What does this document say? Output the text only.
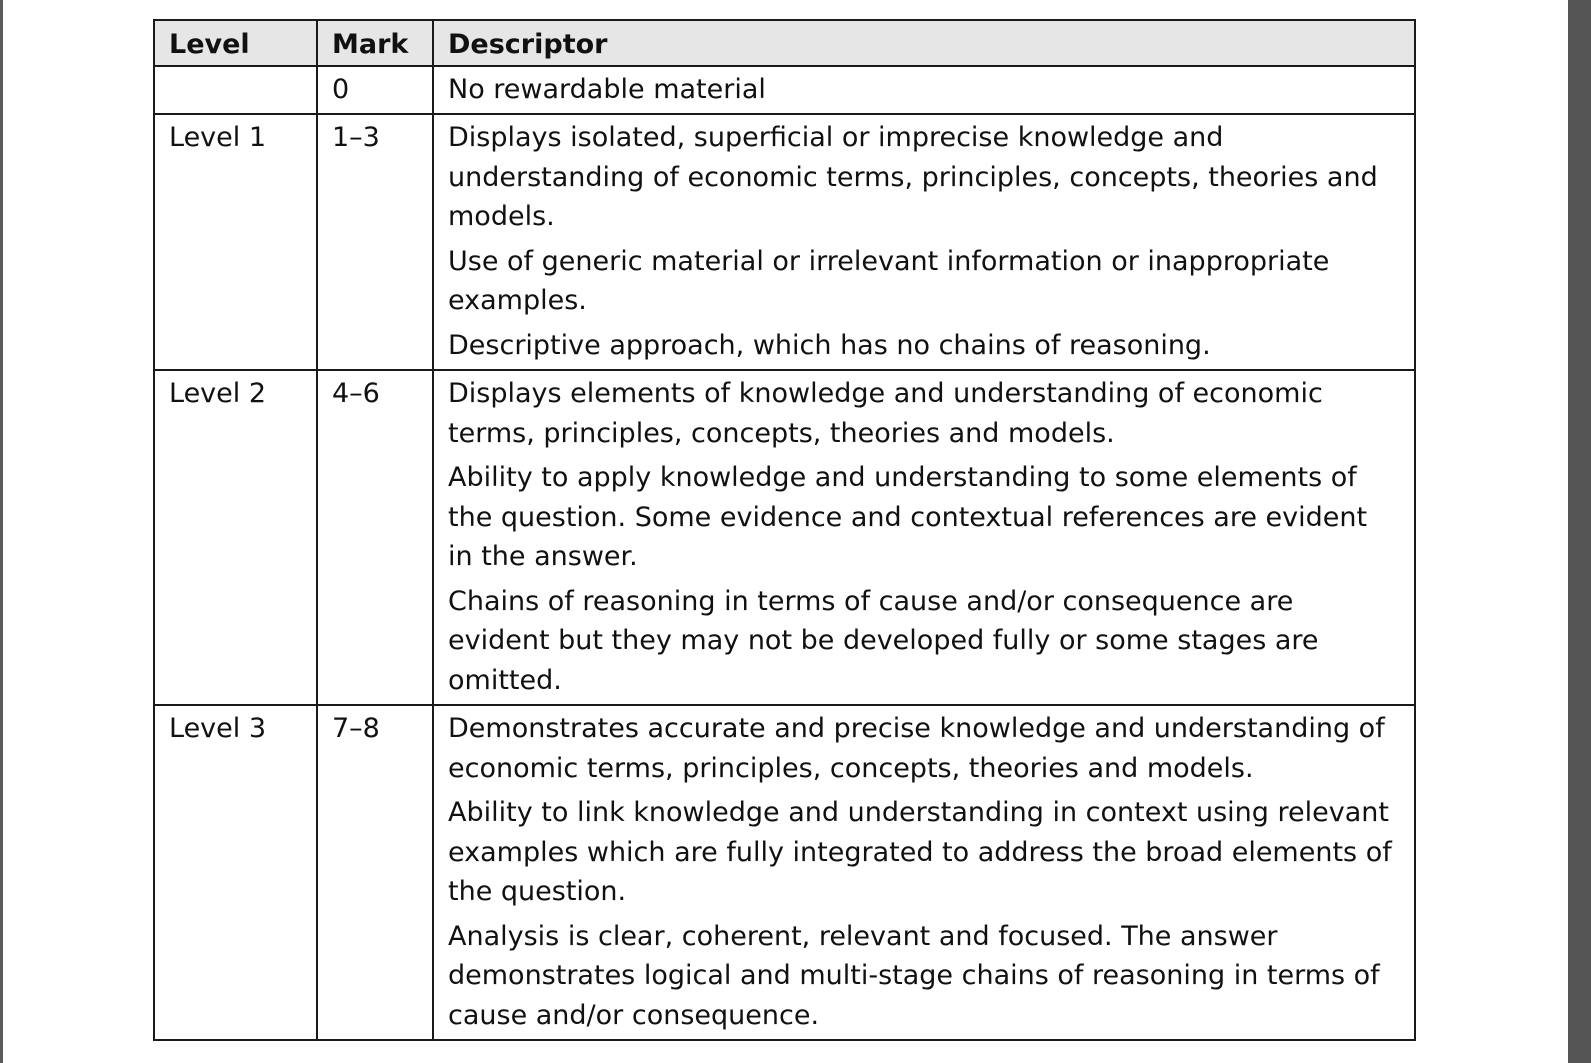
Level	Mark	Descriptor
	0	No rewardable material

Level 1	1–3	Displays isolated, superficial or imprecise knowledge and understanding of economic terms, principles, concepts, theories and models.

Use of generic material or irrelevant information or inappropriate examples.

Descriptive approach, which has no chains of reasoning.

Level 2	4–6	Displays elements of knowledge and understanding of economic terms, principles, concepts, theories and models.

Ability to apply knowledge and understanding to some elements of the question. Some evidence and contextual references are evident in the answer.

Chains of reasoning in terms of cause and/or consequence are evident but they may not be developed fully or some stages are omitted.

Level 3	7–8	Demonstrates accurate and precise knowledge and understanding of economic terms, principles, concepts, theories and models.

Ability to link knowledge and understanding in context using relevant examples which are fully integrated to address the broad elements of the question.

Analysis is clear, coherent, relevant and focused. The answer demonstrates logical and multi-stage chains of reasoning in terms of cause and/or consequence.
